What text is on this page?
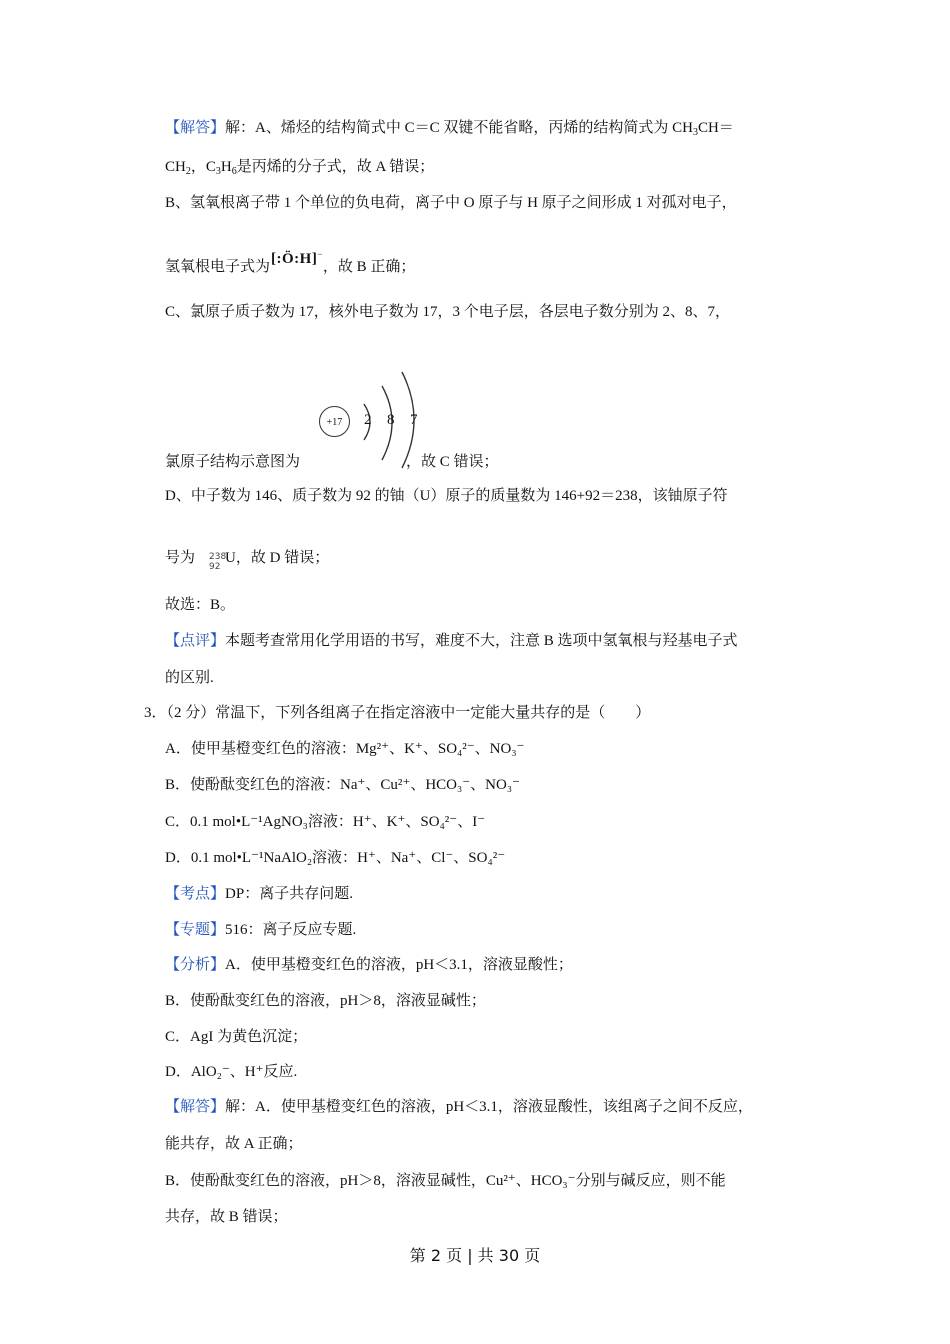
【解答】解：A、烯烃的结构简式中 C＝C 双键不能省略，丙烯的结构简式为 $CH_3CH=$
$CH_2$，$C_3H_6$是丙烯的分子式，故 A 错误；
B、氢氧根离子带 1 个单位的负电荷，离子中 O 原子与 H 原子之间形成 1 对孤对电子，
氢氧根电子式为[:Ö:H]−，故 B 正确；
C、氯原子质子数为 17，核外电子数为 17，3 个电子层，各层电子数分别为 2、8、7，
+17	2 8 7
氯原子结构示意图为	，故 C 错误；
D、中子数为 146、质子数为 92 的铀（U）原子的质量数为 146+92＝238，该铀原子符
号为 238
92
U，故 D 错误；
故选：B。
【点评】本题考查常用化学用语的书写，难度不大，注意 B 选项中氢氧根与羟基电子式
的区别.
3．（2 分）常温下，下列各组离子在指定溶液中一定能大量共存的是（　　）
A．使甲基橙变红色的溶液：Mg²⁺、K⁺、SO₄²⁻、NO₃⁻
B．使酚酞变红色的溶液：Na⁺、Cu²⁺、HCO₃⁻、NO₃⁻
C．0.1 mol•L⁻¹AgNO₃溶液：H⁺、K⁺、SO₄²⁻、I⁻
D．0.1 mol•L⁻¹NaAlO₂溶液：H⁺、Na⁺、Cl⁻、SO₄²⁻
【考点】DP：离子共存问题.
【专题】516：离子反应专题.
【分析】A．使甲基橙变红色的溶液，pH＜3.1，溶液显酸性；
B．使酚酞变红色的溶液，pH＞8，溶液显碱性；
C．AgI 为黄色沉淀；
D．AlO₂⁻、H⁺反应.
【解答】解：A．使甲基橙变红色的溶液，pH＜3.1，溶液显酸性，该组离子之间不反应，
能共存，故 A 正确；
B．使酚酞变红色的溶液，pH＞8，溶液显碱性，Cu²⁺、HCO₃⁻分别与碱反应，则不能
共存，故 B 错误；
第 2 页 | 共 30 页
